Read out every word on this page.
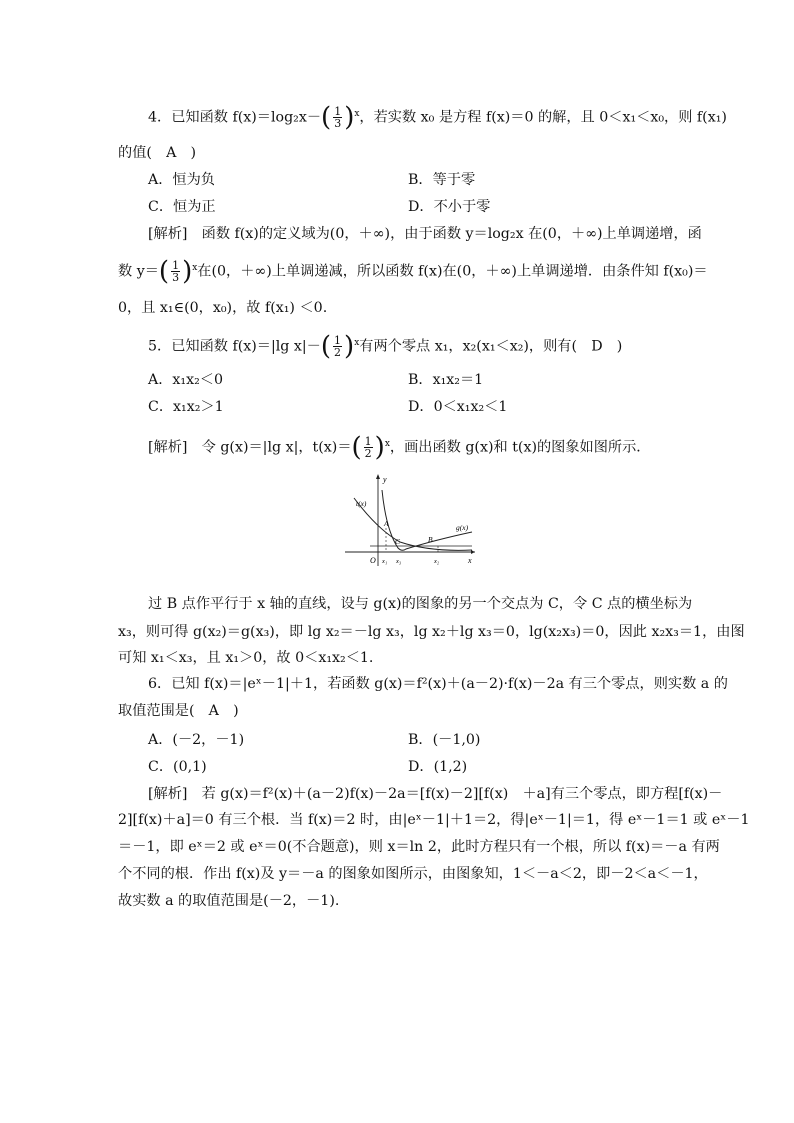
4．已知函数 $f(x)=\log_2x-( \frac{1}{3} )^x$，若实数 x₀ 是方程 f(x)＝0 的解，且 0＜x₁＜x₀，则 f(x₁)
的值(　A　)
A．恒为负	B．等于零
C．恒为正	D．不小于零
[解析]　函数 f(x)的定义域为(0，＋∞)，由于函数 y＝log₂x 在(0，＋∞)上单调递增，函
数 $y=( \frac{1}{3} )^x$在(0，＋∞)上单调递减，所以函数 f(x)在(0，＋∞)上单调递增．由条件知 f(x₀)＝
0，且 x₁∈(0，x₀)，故 f(x₁) ＜0.
5．已知函数 f(x)＝|lg $x|-( \frac{1}{2} )^x$有两个零点 x₁，x₂(x₁＜x₂)，则有(　D　)
A．x₁x₂＜0	B．x₁x₂＝1
C．x₁x₂＞1	D．0＜x₁x₂＜1
[解析]　令 g(x)＝|lg x|，$t(x)=( \frac{1}{2} )^x$，画出函数 g(x)和 t(x)的图象如图所示．
y
x
O
t(x)
g(x)
A
B
C
x₁ x₃	x₂
过 B 点作平行于 x 轴的直线，设与 g(x)的图象的另一个交点为 C，令 C 点的横坐标为
x₃，则可得 g(x₂)＝g(x₃)，即 lg x₂＝－lg x₃，lg x₂＋lg x₃＝0，lg(x₂x₃)＝0，因此 x₂x₃＝1，由图
可知 x₁＜x₃，且 x₁＞0，故 0＜x₁x₂＜1.
6．已知 f(x)＝|eˣ－1|＋1，若函数 g(x)＝f²(x)＋(a－2)·f(x)－2a 有三个零点，则实数 a 的
取值范围是(　A　)
A．(－2，－1)	B．(－1,0)
C．(0,1)	D．(1,2)
[解析]　若 g(x)＝f²(x)＋(a－2)f(x)－2a＝[f(x)－2][f(x)　＋a]有三个零点，即方程[f(x)－
2][f(x)＋a]＝0 有三个根．当 f(x)＝2 时，由|eˣ－1|＋1＝2，得|eˣ－1|＝1，得 eˣ－1＝1 或 eˣ－1
＝－1，即 eˣ＝2 或 eˣ＝0(不合题意)，则 x＝ln 2，此时方程只有一个根，所以 f(x)＝－a 有两
个不同的根．作出 f(x)及 y＝－a 的图象如图所示，由图象知，1＜－a＜2，即－2＜a＜－1，
故实数 a 的取值范围是(－2，－1).
